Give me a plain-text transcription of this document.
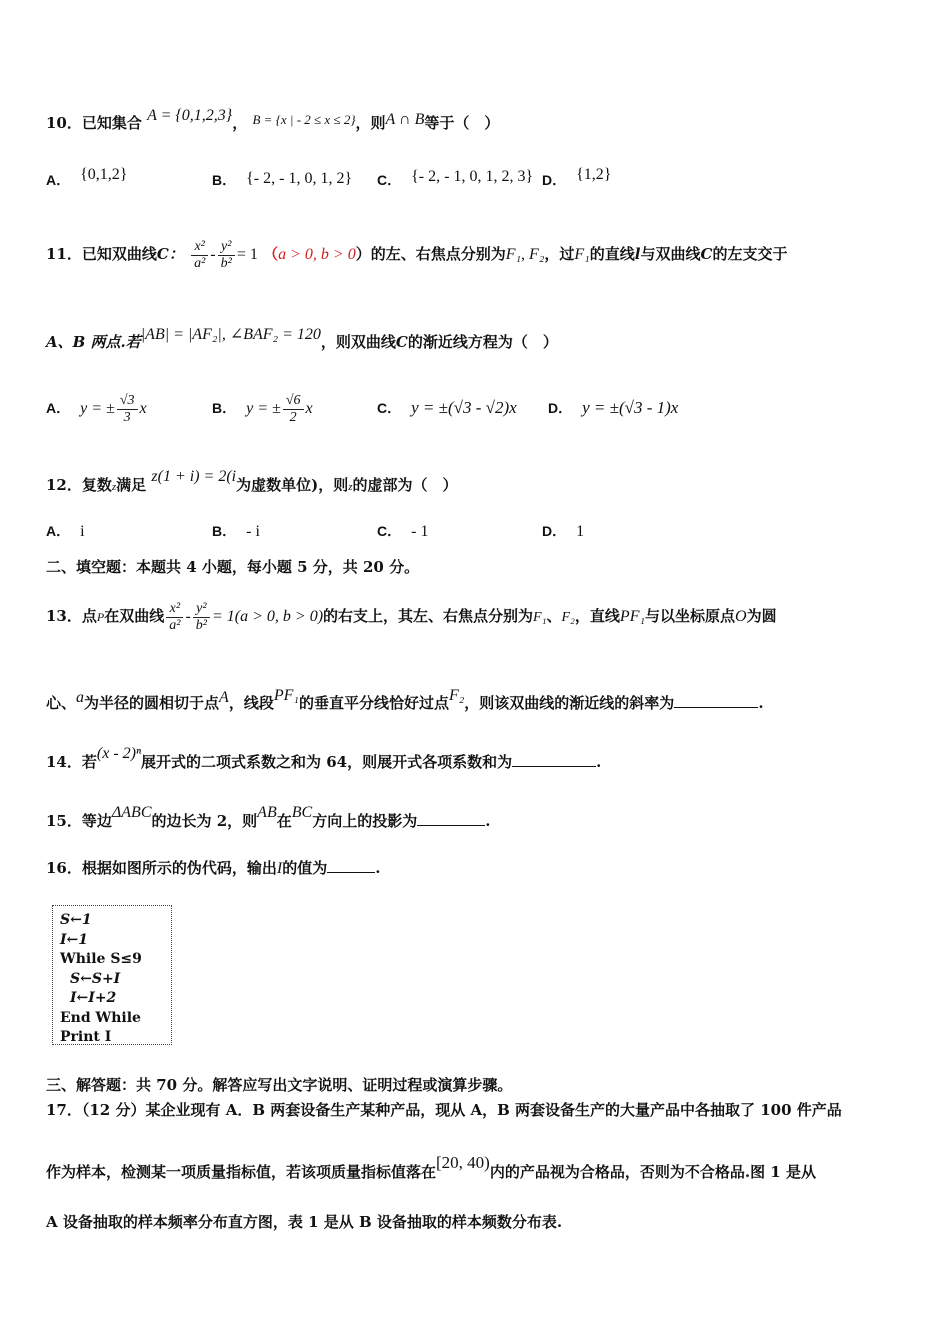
10．已知集合 A = {0,1,2,3}， B = {x | - 2 ≤ x ≤ 2}，则A ∩ B等于（　）
A． {0,1,2}	B． {- 2, - 1, 0, 1, 2} C． {- 2, - 1, 0, 1, 2, 3} D． {1,2}
11．已知双曲线C： $\frac{\text{x²}}{\text{a²}} - \frac{\text{y²}}{\text{b²}} = 1$ （a > 0, b > 0）的左、右焦点分别为F₁, F₂，过F₁的直线l与双曲线C的左支交于
A、B 两点.若|AB| = |AF₂|, ∠BAF₂ = 120，则双曲线C的渐近线方程为（　）
A． y = ± $\frac{√3}{3}$ x	B． y = ± $\frac{√6}{2}$ x	C． y = ±(√3 - √2)x D． y = ±(√3 - 1)x
12．复数z满足 z(1 + i) = 2(i为虚数单位)，则z的虚部为（　）
A． i	B． - i	C． - 1	D． 1
二、填空题：本题共 4 小题，每小题 5 分，共 20 分。
13．点P在双曲线 $\frac{\text{x²}}{\text{a²}} - \frac{\text{y²}}{\text{b²}} = 1(a > 0$, b > 0)的右支上，其左、右焦点分别为F₁、F₂，直线PF₁与以坐标原点O为圆
心、a为半径的圆相切于点A，线段PF₁的垂直平分线恰好过点F₂，则该双曲线的渐近线的斜率为	.
14．若(x - 2)ⁿ展开式的二项式系数之和为 64，则展开式各项系数和为	.
15．等边ΔABC的边长为 2，则AB在BC方向上的投影为	.
16．根据如图所示的伪代码，输出I的值为	.
S←1
I←1
While S≤9
S←S+I
I←I+2
End While
Print I
三、解答题：共 70 分。解答应写出文字说明、证明过程或演算步骤。
17．（12 分）某企业现有 A．B 两套设备生产某种产品，现从 A，B 两套设备生产的大量产品中各抽取了 100 件产品
作为样本，检测某一项质量指标值，若该项质量指标值落在[20, 40)内的产品视为合格品，否则为不合格品.图 1 是从
A 设备抽取的样本频率分布直方图，表 1 是从 B 设备抽取的样本频数分布表.
